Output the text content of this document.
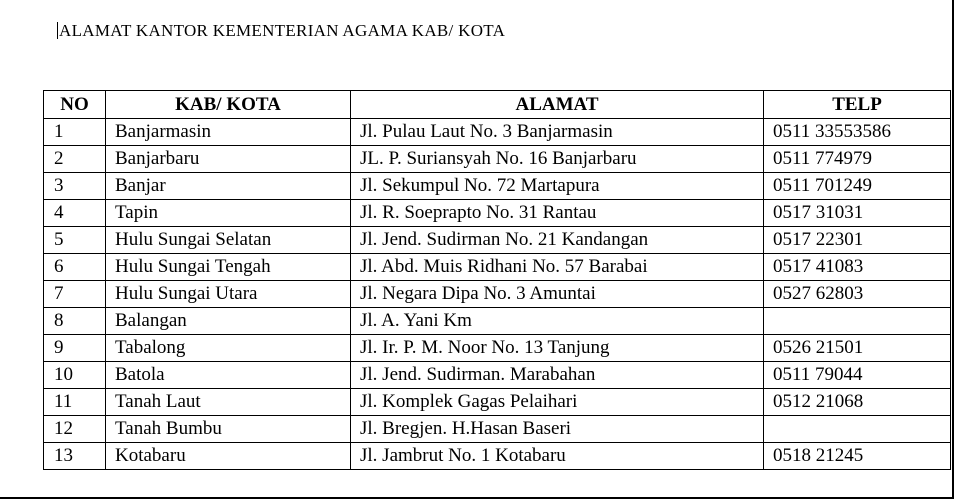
ALAMAT KANTOR KEMENTERIAN AGAMA KAB/ KOTA
NO	KAB/ KOTA	ALAMAT	TELP
1	Banjarmasin	Jl. Pulau Laut No. 3 Banjarmasin	0511 33553586
2	Banjarbaru	JL. P. Suriansyah No. 16 Banjarbaru	0511 774979
3	Banjar	Jl. Sekumpul No. 72 Martapura	0511 701249
4	Tapin	Jl. R. Soeprapto No. 31 Rantau	0517 31031
5	Hulu Sungai Selatan	Jl. Jend. Sudirman No. 21 Kandangan	0517 22301
6	Hulu Sungai Tengah	Jl. Abd. Muis Ridhani No. 57 Barabai	0517 41083
7	Hulu Sungai Utara	Jl. Negara Dipa No. 3 Amuntai	0527 62803
8	Balangan	Jl. A. Yani Km	
9	Tabalong	Jl. Ir. P. M. Noor No. 13 Tanjung	0526 21501
10	Batola	Jl. Jend. Sudirman. Marabahan	0511 79044
11	Tanah Laut	Jl. Komplek Gagas Pelaihari	0512 21068
12	Tanah Bumbu	Jl. Bregjen. H.Hasan Baseri	
13	Kotabaru	Jl. Jambrut No. 1 Kotabaru	0518 21245
